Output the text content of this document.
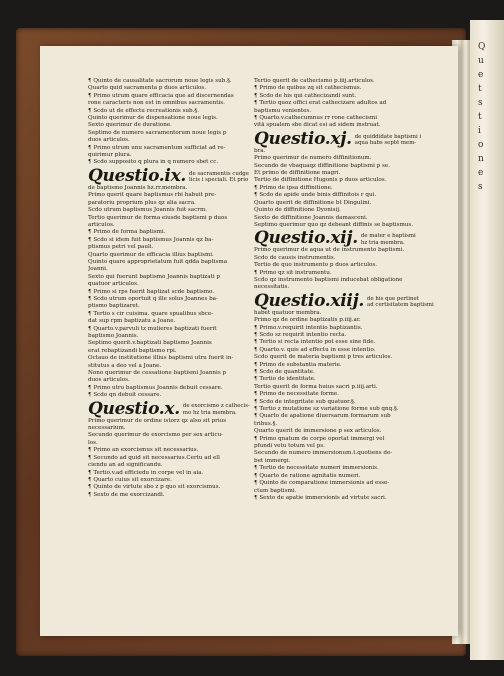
Q
u
e
t
s
t
i
o
n
e
s
¶ Quinto de causalitate sacrorum noue legis sub.§.
Quarto quid sacramenta p duos articulos.
¶ Primo utrum quare efficacia que ad discernendas
rone caracteris non est in omnibus sacramentis.
¶ Scdo ut de effectu recreationis sub.§.
Quinto querimur de dispensatione noue legis.
Sexto querimur de duratione.
Septimo de numero sacramentorum noue legis p
duos articulos.
¶ Primo utrum unu sacramentum sufficiat ad re-
quirimur plura.
¶ Scdo supposito q plura in q numero sbet cc.
Questio.ix. de sacramentis cudge
licis i speciali. Et prio
de baptismo Joannis hz.rr.membra.
Primo querit quare baptismus rbi habuit pre-
paratoriu proprium plus qz alia sacra.
Scdo utrum baptismus Joannis fuit sacrm.
Tertio querimur de forma eiusde baptismi p duos
articulos.
¶ Primo de forma baptismi.
¶ Scdo si idem fuit baptismus Joannis qz ba-
ptismus petri vel pauli.
Quarto querimur de efficacia illius baptismi.
Quinto quare approprietatum fuit qdda baptisma
Joanni.
Sexto qui fuerunt baptismo Joannis baptizati p
quatuor articulos.
¶ Primo si rps fuerit baptizat scde baptismo.
¶ Scdo utrum oportuit q ille solus Joannes ba-
ptismo baptizaret.
¶ Tertio s cir cuisima. quare spualibus sbce-
dat sup rpm baptizatu a Joane.
¶ Quarto.v.parvuli tz mulieres baptizati fuerit
baptismo Joannis.
Septimo querit.v.baptizati baptismo Joannis
erat rebaptizandi baptismo rpi.
Octauo de institutione illius baptismi utru fuerit in-
stitutus a deo vel a Joane.
Nono querimur de cessatione baptismi Joannis p
duos articulos.
¶ Primo utru baptismus Joannis debuit cessare.
¶ Scdo qn debuit cessare.
Questio.x. de exorcismo z cathecis-
mo hz tria membra.
Primo querimur de ordine istorz qz also sit prius
necessarium.
Secundo querimur de exorcismo per sex articu-
los.
¶ Primo an exorcismus sit necessarius.
¶ Secundo ad quid sit necessarius.Certu ad ell
ciendu an ad significandu.
¶ Tertio.v.ad efficiedu in corpe vel in aia.
¶ Quarto cuius sit exorcizare.
¶ Quinto de virtute sbo z p quo sit exorcismus.
¶ Sexto de me exorcizandi.
Tertio querit de cathecismo p.iiij.articulos.
¶ Primo de quibus zq sit cathecismus.
¶ Scdo de his qui cathecizandi sunt.
¶ Tertio quoz offici erat cathecizare adultos ad
baptismu venientes.
¶ Quarto.v.cathecumnus rr rone cathecismi
vitā spualem sbe dicat esi ad sidem instruat.
Questio.xj. de quiddidate baptismi i
aqua habs septē mem-
bra.
Primo querimur de numero diffinitionum.
Secundo de vbaquaqz diffinitione baptismi p se.
Et primo de diffinitione magri.
Tertio de diffinitione Hugonis p duos articulos.
¶ Primo de ipsa diffinitione.
¶ Scdo de apide unde binis diffinitois r qui.
Quarto querit de diffinitione bt Dingulini.
Quinto de diffinitione Dyonisij.
Sexto de diffinitione Joannis damasceni.
Septimo querimur quo qz debeant diffinis se baptismus.
Questio.xij. de mater e baptismi
hz tria membra.
Primo querimur de aqua ut de instrumento baptismi.
Scdo de causis instrumentis.
Tertio de quo instrumento p duos articulos.
¶ Primo qz sit instrumentu.
Scdo qz instrumento baptismi inducebat obligatione
necessitatis.
Questio.xiij. de his que pertinet
ad certisitatem baptismi
habet quatuor membra.
Primo qz de ordine baptizatis p.iiij.ar.
¶ Primo.v.requirit intentio baptizantis.
¶ Scdo sz requirit intentio recta.
¶ Tertio si recta intentio pot esse sine fide.
¶ Quarto.v. quis ad effectu in esse intentio.
Scdo querit de materia baptismi p tres articulos.
¶ Primo de substantia materie.
¶ Scdo de quantitate.
¶ Tertio de identitate.
Tertio querit de forma huius sacri p.iiij.arti.
¶ Primo de necessitate forme.
¶ Scdo de integritate sub quatuor.§.
¶ Tertio z mutatione sz variatione forme sub qnq.§.
¶ Quarto de apatione diuersarum formarum sub
tribus.§.
Quarto querit de immersione p sex articulos.
¶ Primo qnatum de corpe oportat immergi vel
pfundi vetu totum vel ps.
Secundo de numero immersionum.t.quotiens de-
bet immergi.
¶ Tertio de necessitate numeri immersionis.
¶ Quarto de ratione agnitatis numeri.
¶ Quinto de comparatione immersionis ad esse-
ctum baptismi.
¶ Sexto de apatie immersionis ad virtute sacri.
